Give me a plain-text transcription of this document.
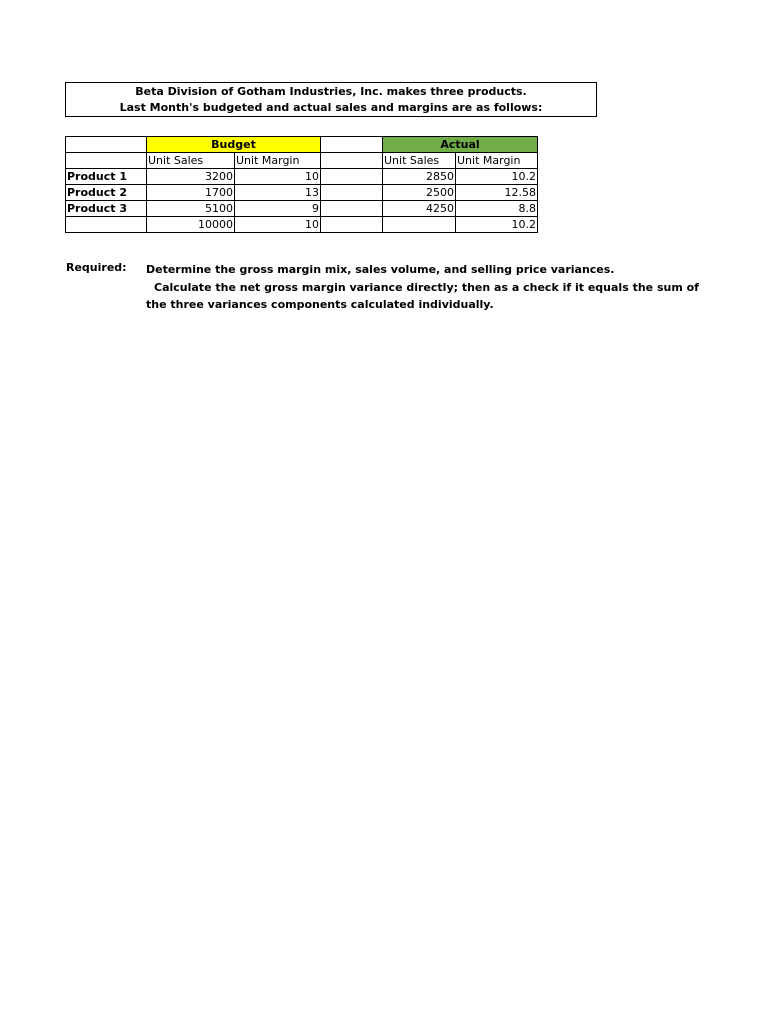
Beta Division of Gotham Industries, Inc. makes three products.
Last Month's budgeted and actual sales and margins are as follows:
	Budget			Actual	
	Unit Sales	Unit Margin		Unit Sales	Unit Margin
Product 1	3200	10		2850	10.2
Product 2	1700	13		2500	12.58
Product 3	5100	9		4250	8.8
	10000	10			10.2
Required: Determine the gross margin mix, sales volume, and selling price variances.
Calculate the net gross margin variance directly; then as a check if it equals the sum of
the three variances components calculated individually.
